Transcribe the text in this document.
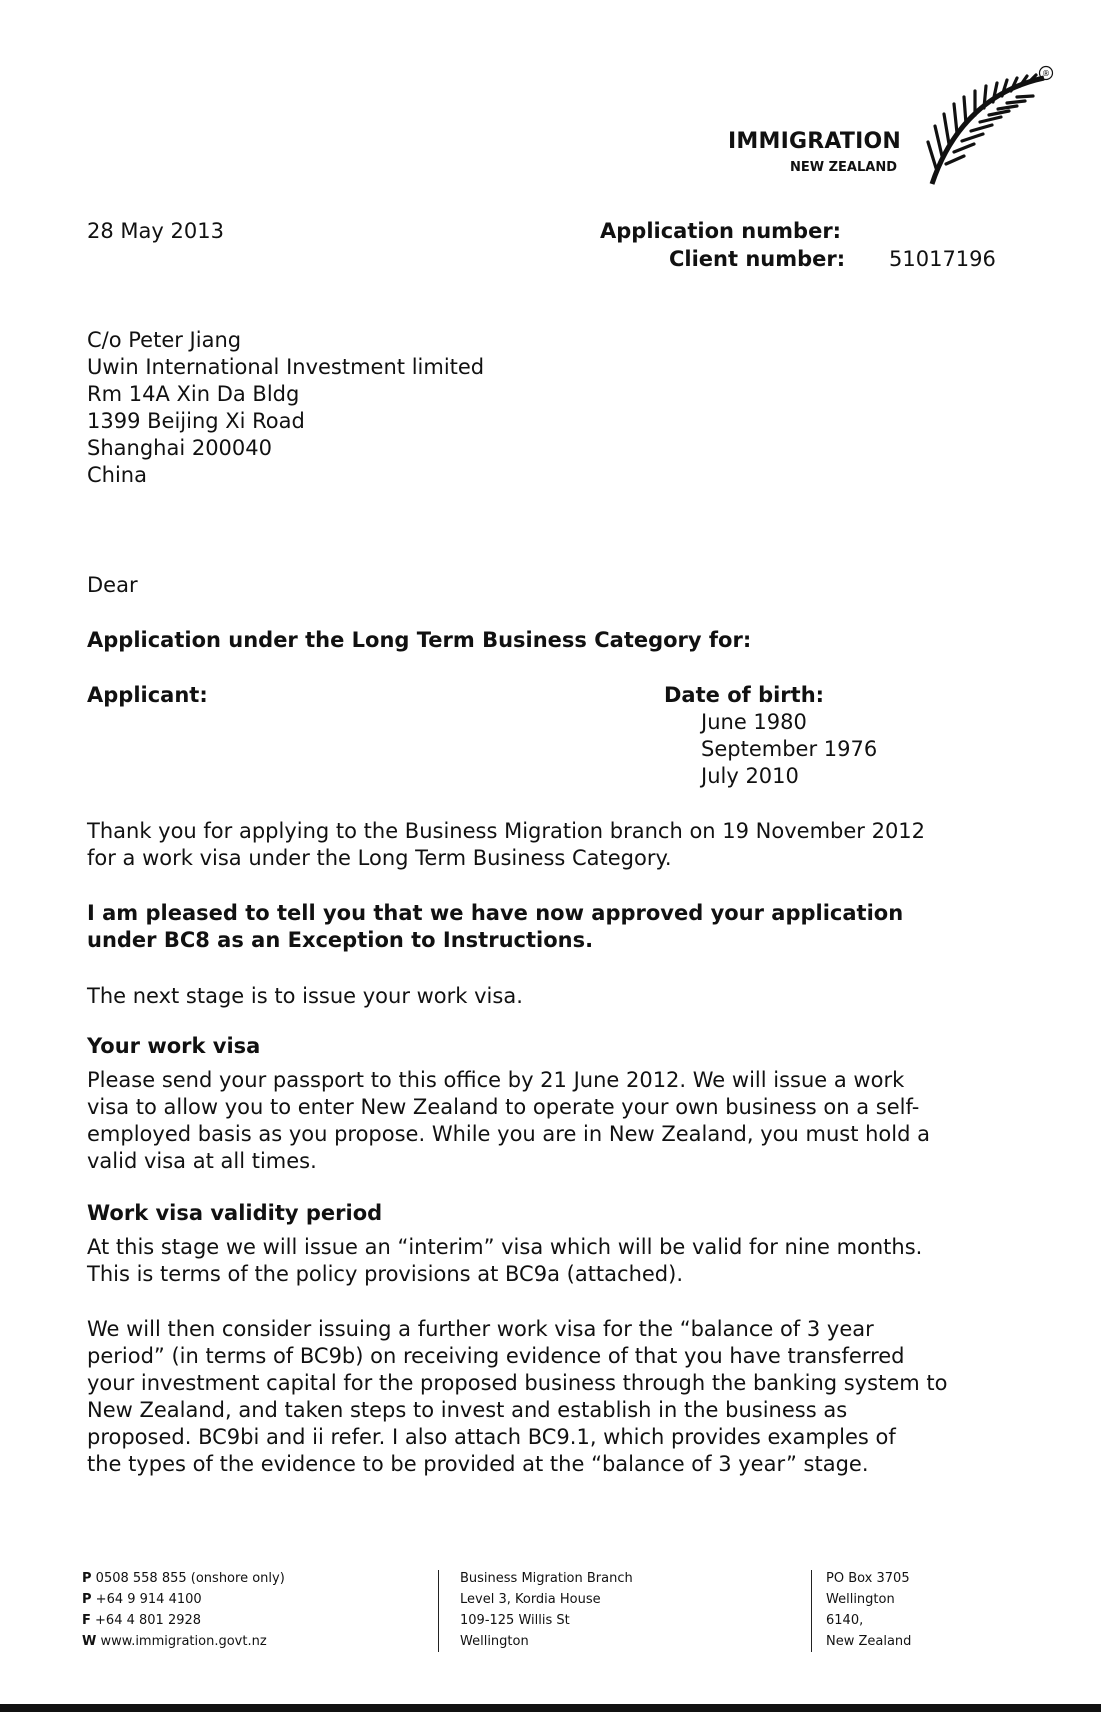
IMMIGRATION
NEW ZEALAND
®
28 May 2013	Application number:
Client number: 51017196
C/o Peter Jiang
Uwin International Investment limited
Rm 14A Xin Da Bldg
1399 Beijing Xi Road
Shanghai 200040
China
Dear
Application under the Long Term Business Category for:
Applicant:	Date of birth:
June 1980
September 1976
July 2010
Thank you for applying to the Business Migration branch on 19 November 2012
for a work visa under the Long Term Business Category.
I am pleased to tell you that we have now approved your application
under BC8 as an Exception to Instructions.
The next stage is to issue your work visa.
Your work visa
Please send your passport to this office by 21 June 2012. We will issue a work
visa to allow you to enter New Zealand to operate your own business on a self-
employed basis as you propose. While you are in New Zealand, you must hold a
valid visa at all times.
Work visa validity period
At this stage we will issue an “interim” visa which will be valid for nine months.
This is terms of the policy provisions at BC9a (attached).
We will then consider issuing a further work visa for the “balance of 3 year
period” (in terms of BC9b) on receiving evidence of that you have transferred
your investment capital for the proposed business through the banking system to
New Zealand, and taken steps to invest and establish in the business as
proposed. BC9bi and ii refer. I also attach BC9.1, which provides examples of
the types of the evidence to be provided at the “balance of 3 year” stage.
P 0508 558 855 (onshore only)
P +64 9 914 4100
F +64 4 801 2928
W www.immigration.govt.nz
Business Migration Branch
Level 3, Kordia House
109-125 Willis St
Wellington
PO Box 3705
Wellington
6140,
New Zealand
